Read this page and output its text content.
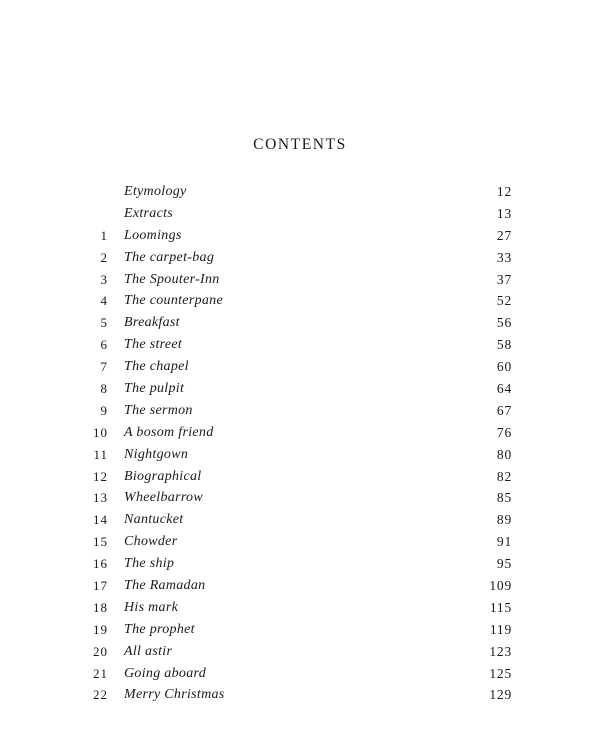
CONTENTS
Etymology	12
Extracts	13
1 Loomings	27
2 The carpet-bag	33
3 The Spouter-Inn	37
4 The counterpane	52
5 Breakfast	56
6 The street	58
7 The chapel	60
8 The pulpit	64
9 The sermon	67
10 A bosom friend	76
11 Nightgown	80
12 Biographical	82
13 Wheelbarrow	85
14 Nantucket	89
15 Chowder	91
16 The ship	95
17 The Ramadan	109
18 His mark	115
19 The prophet	119
20 All astir	123
21 Going aboard	125
22 Merry Christmas	129
